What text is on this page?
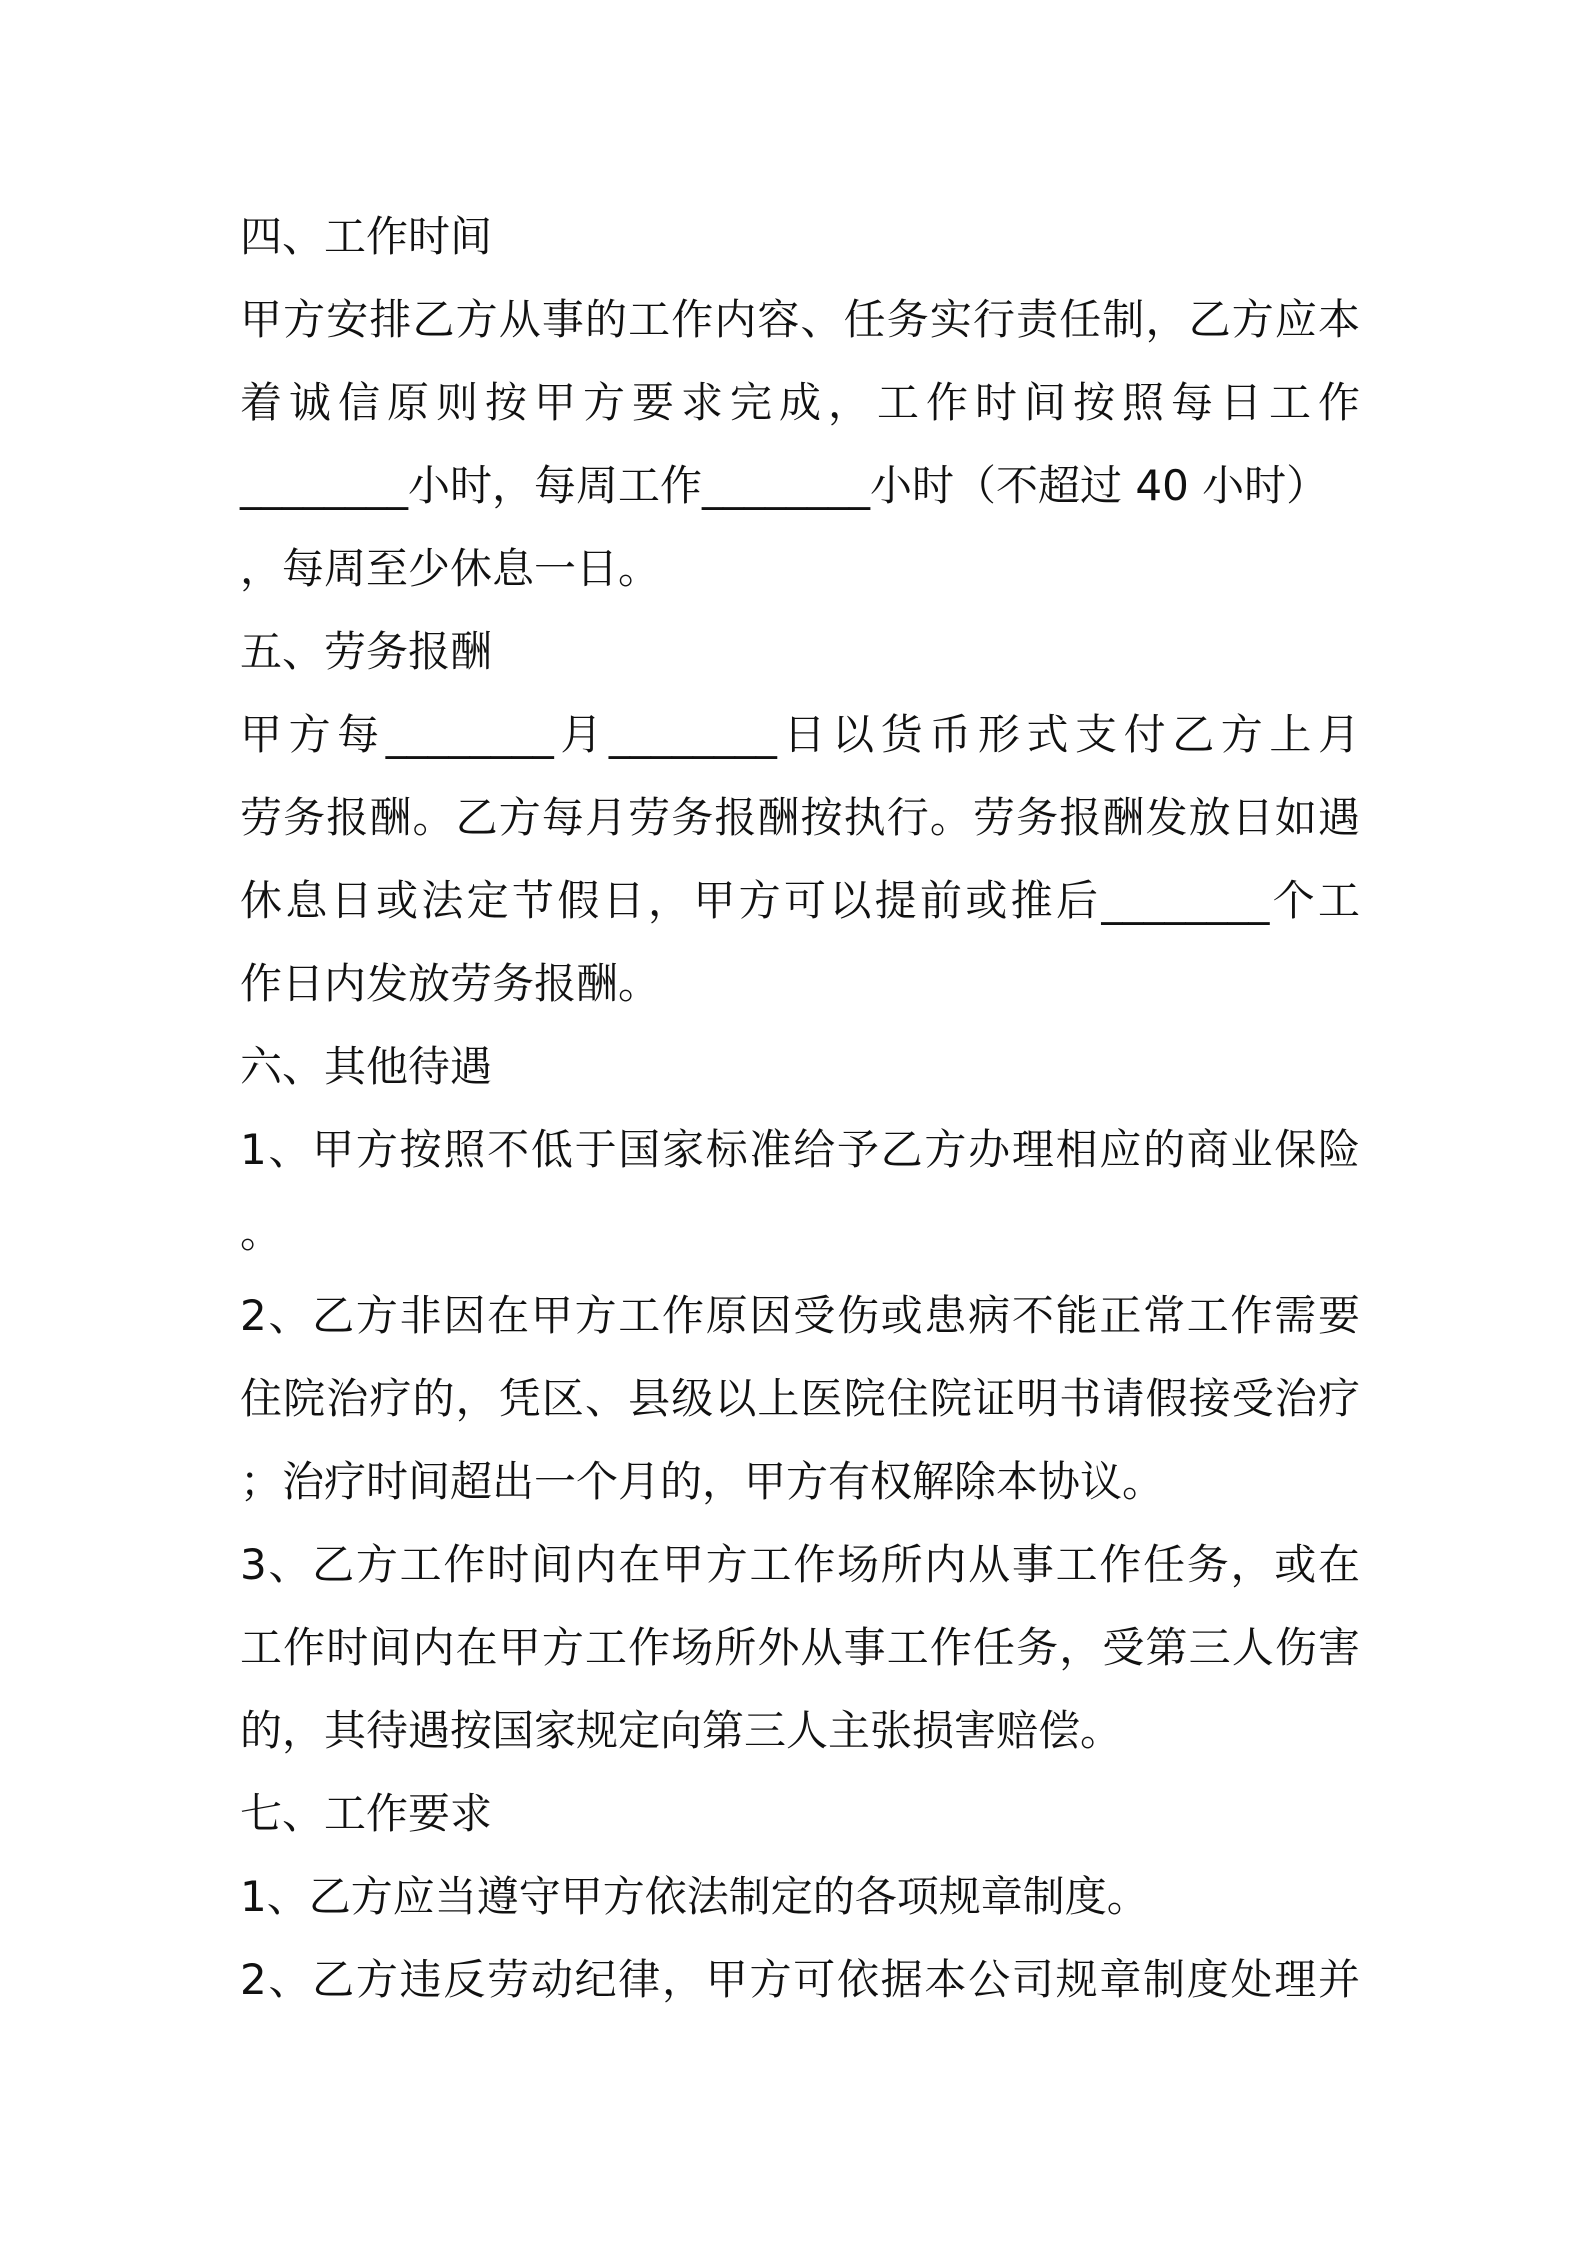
四、工作时间
甲方安排乙方从事的工作内容、任务实行责任制，乙方应本
着诚信原则按甲方要求完成，工作时间按照每日工作
________小时，每周工作________小时（不超过 40 小时）
，每周至少休息一日。
五、劳务报酬
甲方每________月________日以货币形式支付乙方上月
劳务报酬。乙方每月劳务报酬按执行。劳务报酬发放日如遇
休息日或法定节假日，甲方可以提前或推后________个工
作日内发放劳务报酬。
六、其他待遇
1、甲方按照不低于国家标准给予乙方办理相应的商业保险
。
2、乙方非因在甲方工作原因受伤或患病不能正常工作需要
住院治疗的，凭区、县级以上医院住院证明书请假接受治疗
；治疗时间超出一个月的，甲方有权解除本协议。
3、乙方工作时间内在甲方工作场所内从事工作任务，或在
工作时间内在甲方工作场所外从事工作任务，受第三人伤害
的，其待遇按国家规定向第三人主张损害赔偿。
七、工作要求
1、乙方应当遵守甲方依法制定的各项规章制度。
2、乙方违反劳动纪律，甲方可依据本公司规章制度处理并
